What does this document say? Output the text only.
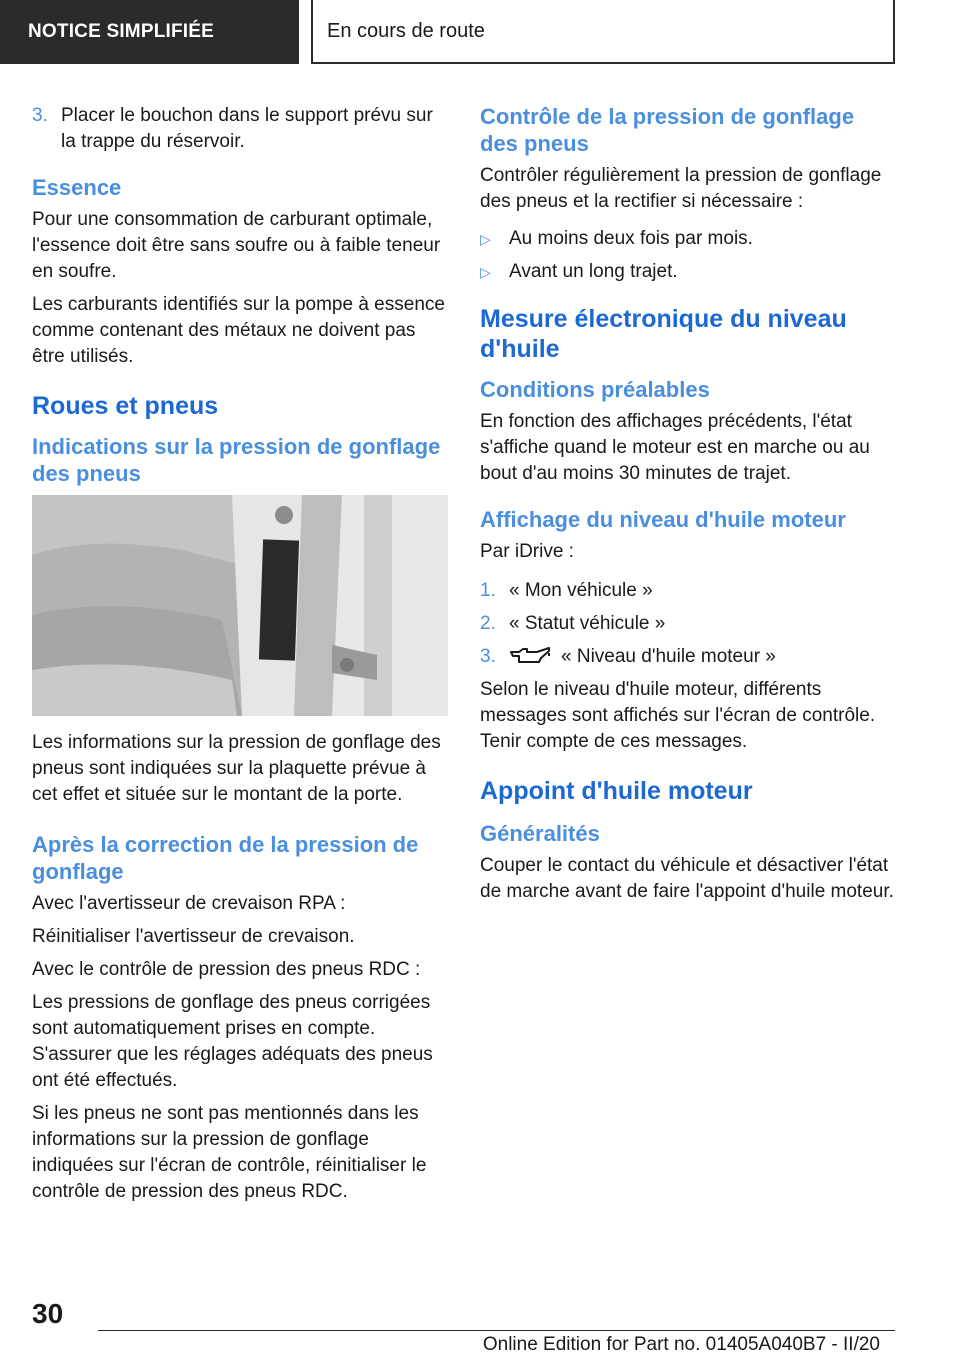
NOTICE SIMPLIFIÉE	En cours de route
3. Placer le bouchon dans le support prévu sur la trappe du réservoir.
Essence

Pour une consommation de carburant optimale, l'essence doit être sans soufre ou à faible teneur en soufre.

Les carburants identifiés sur la pompe à essence comme contenant des métaux ne doivent pas être utilisés.

Roues et pneus
Indications sur la pression de gonflage des pneus

Les informations sur la pression de gonflage des pneus sont indiquées sur la plaquette prévue à cet effet et située sur le montant de la porte.

Après la correction de la pression de gonflage

Avec l'avertisseur de crevaison RPA :

Réinitialiser l'avertisseur de crevaison.

Avec le contrôle de pression des pneus RDC :

Les pressions de gonflage des pneus corrigées sont automatiquement prises en compte. S'assurer que les réglages adéquats des pneus ont été effectués.

Si les pneus ne sont pas mentionnés dans les informations sur la pression de gonflage indiquées sur l'écran de contrôle, réinitialiser le contrôle de pression des pneus RDC.

Contrôle de la pression de gonflage des pneus

Contrôler régulièrement la pression de gonflage des pneus et la rectifier si nécessaire :

▷ Au moins deux fois par mois.
▷ Avant un long trajet.
Mesure électronique du niveau d'huile
Conditions préalables

En fonction des affichages précédents, l'état s'affiche quand le moteur est en marche ou au bout d'au moins 30 minutes de trajet.

Affichage du niveau d'huile moteur

Par iDrive :

1. « Mon véhicule »
2. « Statut véhicule »
3.	« Niveau d'huile moteur »

Selon le niveau d'huile moteur, différents messages sont affichés sur l'écran de contrôle. Tenir compte de ces messages.

Appoint d'huile moteur
Généralités

Couper le contact du véhicule et désactiver l'état de marche avant de faire l'appoint d'huile moteur.

30
Online Edition for Part no. 01405A040B7 - II/20
